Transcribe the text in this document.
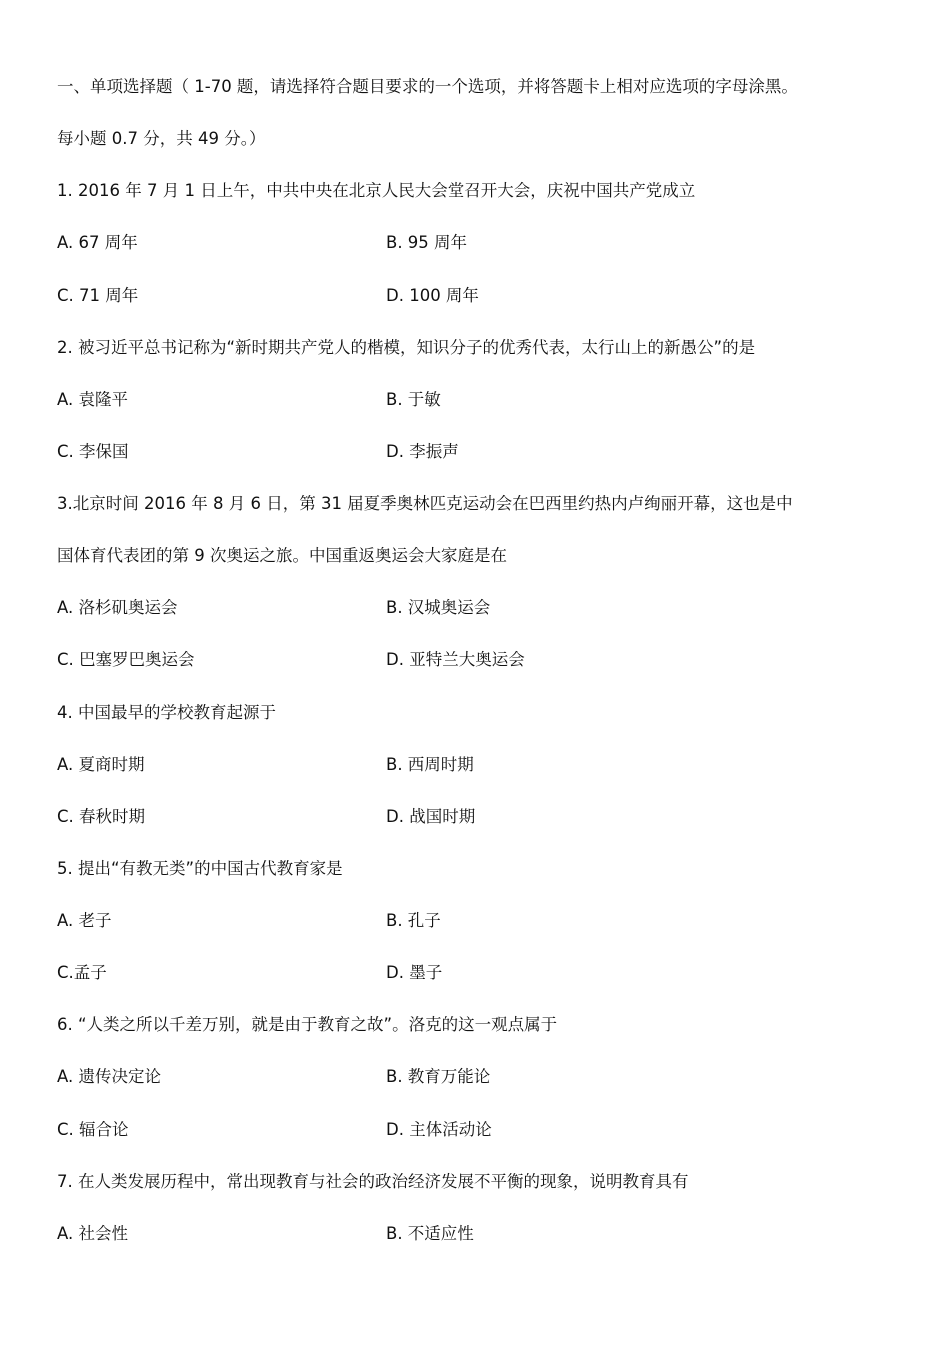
一、单项选择题（ 1-70 题，请选择符合题目要求的一个选项，并将答题卡上相对应选项的字母涂黑。
每小题 0.7 分，共 49 分。）
1. 2016 年 7 月 1 日上午，中共中央在北京人民大会堂召开大会，庆祝中国共产党成立
A. 67 周年	B. 95 周年
C. 71 周年	D. 100 周年
2. 被习近平总书记称为“新时期共产党人的楷模，知识分子的优秀代表，太行山上的新愚公”的是
A. 袁隆平	B. 于敏
C. 李保国	D. 李振声
3.北京时间 2016 年 8 月 6 日，第 31 届夏季奥林匹克运动会在巴西里约热内卢绚丽开幕，这也是中
国体育代表团的第 9 次奥运之旅。中国重返奥运会大家庭是在
A. 洛杉矶奥运会	B. 汉城奥运会
C. 巴塞罗巴奥运会	D. 亚特兰大奥运会
4. 中国最早的学校教育起源于
A. 夏商时期	B. 西周时期
C. 春秋时期	D. 战国时期
5. 提出“有教无类”的中国古代教育家是
A. 老子	B. 孔子
C.孟子	D. 墨子
6. “人类之所以千差万别，就是由于教育之故”。洛克的这一观点属于
A. 遗传决定论	B. 教育万能论
C. 辐合论	D. 主体活动论
7. 在人类发展历程中，常出现教育与社会的政治经济发展不平衡的现象，说明教育具有
A. 社会性	B. 不适应性
